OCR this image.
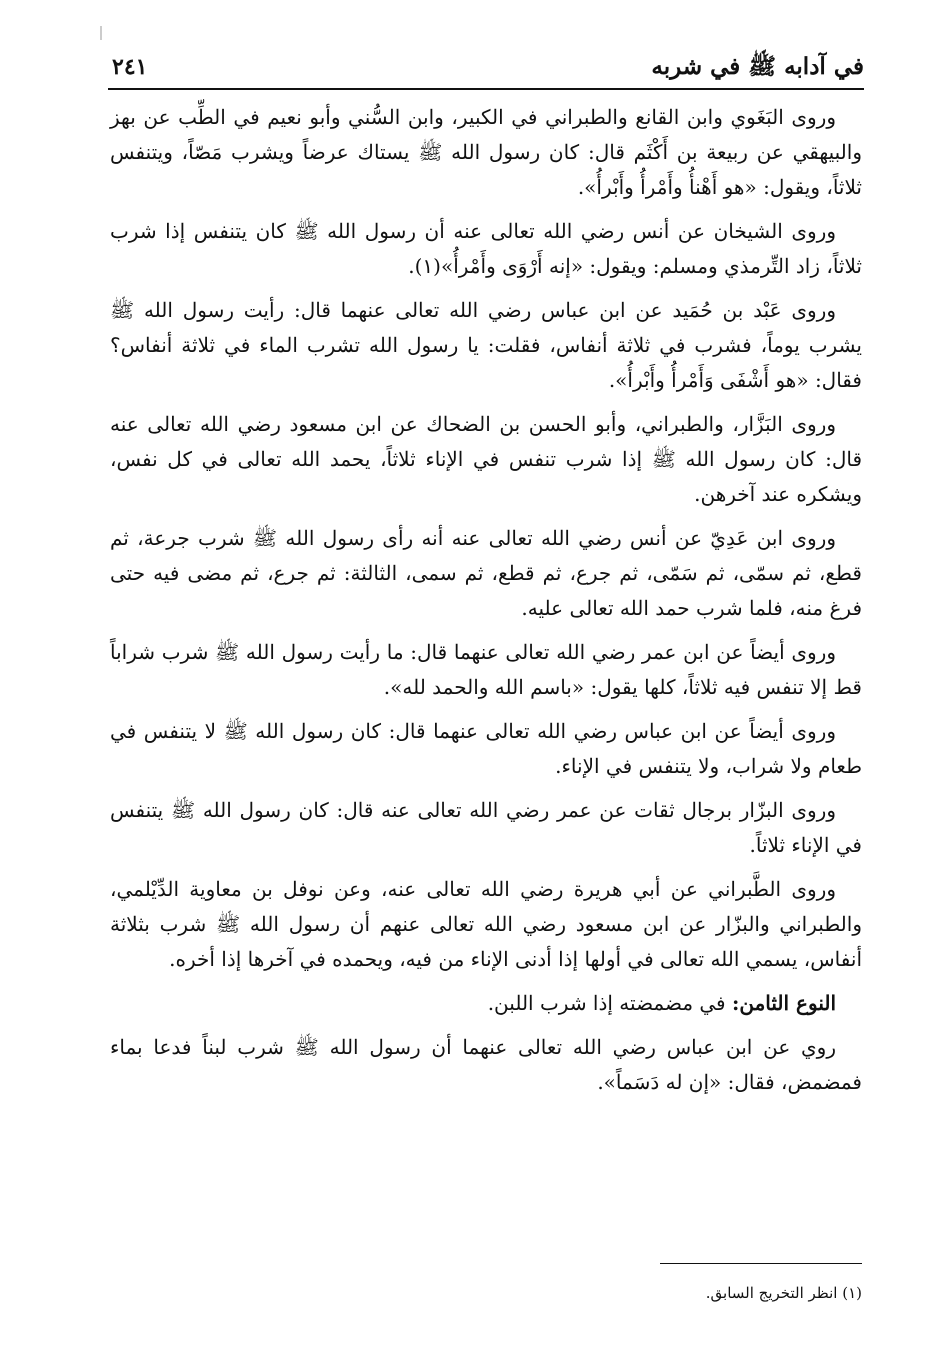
في آدابه ﷺ في شربه
٢٤١

وروى البَغَوي وابن القانع والطبراني في الكبير، وابن السُّني وأبو نعيم في الطِّب عن بهز والبيهقي عن ربيعة بن أَكْثَم قال: كان رسول الله ﷺ يستاك عرضاً ويشرب مَصّاً، ويتنفس ثلاثاً، ويقول: «هو أَهْنأُ وأَمْرأُ وأَبْرأُ».

وروى الشيخان عن أنس رضي الله تعالى عنه أن رسول الله ﷺ كان يتنفس إذا شرب ثلاثاً، زاد التِّرمذي ومسلم: ويقول: «إنه أَرْوَى وأَمْرأُ»(١).

وروى عَبْد بن حُمَيد عن ابن عباس رضي الله تعالى عنهما قال: رأيت رسول الله ﷺ يشرب يوماً، فشرب في ثلاثة أنفاس، فقلت: يا رسول الله تشرب الماء في ثلاثة أنفاس؟ فقال: «هو أَشْفَى وَأَمْرأُ وأَبْرأُ».

وروى البَزَّار، والطبراني، وأبو الحسن بن الضحاك عن ابن مسعود رضي الله تعالى عنه قال: كان رسول الله ﷺ إذا شرب تنفس في الإناء ثلاثاً، يحمد الله تعالى في كل نفس، ويشكره عند آخرهن.

وروى ابن عَدِيّ عن أنس رضي الله تعالى عنه أنه رأى رسول الله ﷺ شرب جرعة، ثم قطع، ثم سمّى، ثم سَمّى، ثم جرع، ثم قطع، ثم سمى، الثالثة: ثم جرع، ثم مضى فيه حتى فرغ منه، فلما شرب حمد الله تعالى عليه.

وروى أيضاً عن ابن عمر رضي الله تعالى عنهما قال: ما رأيت رسول الله ﷺ شرب شراباً قط إلا تنفس فيه ثلاثاً، كلها يقول: «باسم الله والحمد لله».

وروى أيضاً عن ابن عباس رضي الله تعالى عنهما قال: كان رسول الله ﷺ لا يتنفس في طعام ولا شراب، ولا يتنفس في الإناء.

وروى البزّار برجال ثقات عن عمر رضي الله تعالى عنه قال: كان رسول الله ﷺ يتنفس في الإناء ثلاثاً.

وروى الطَّبراني عن أبي هريرة رضي الله تعالى عنه، وعن نوفل بن معاوية الدِّيْلمي، والطبراني والبزّار عن ابن مسعود رضي الله تعالى عنهم أن رسول الله ﷺ شرب بثلاثة أنفاس، يسمي الله تعالى في أولها إذا أدنى الإناء من فيه، ويحمده في آخرها إذا أخره.

النوع الثامن: في مضمضته إذا شرب اللبن.

روي عن ابن عباس رضي الله تعالى عنهما أن رسول الله ﷺ شرب لبناً فدعا بماء فمضمض، فقال: «إن له دَسَماً».

(١) انظر التخريج السابق.
